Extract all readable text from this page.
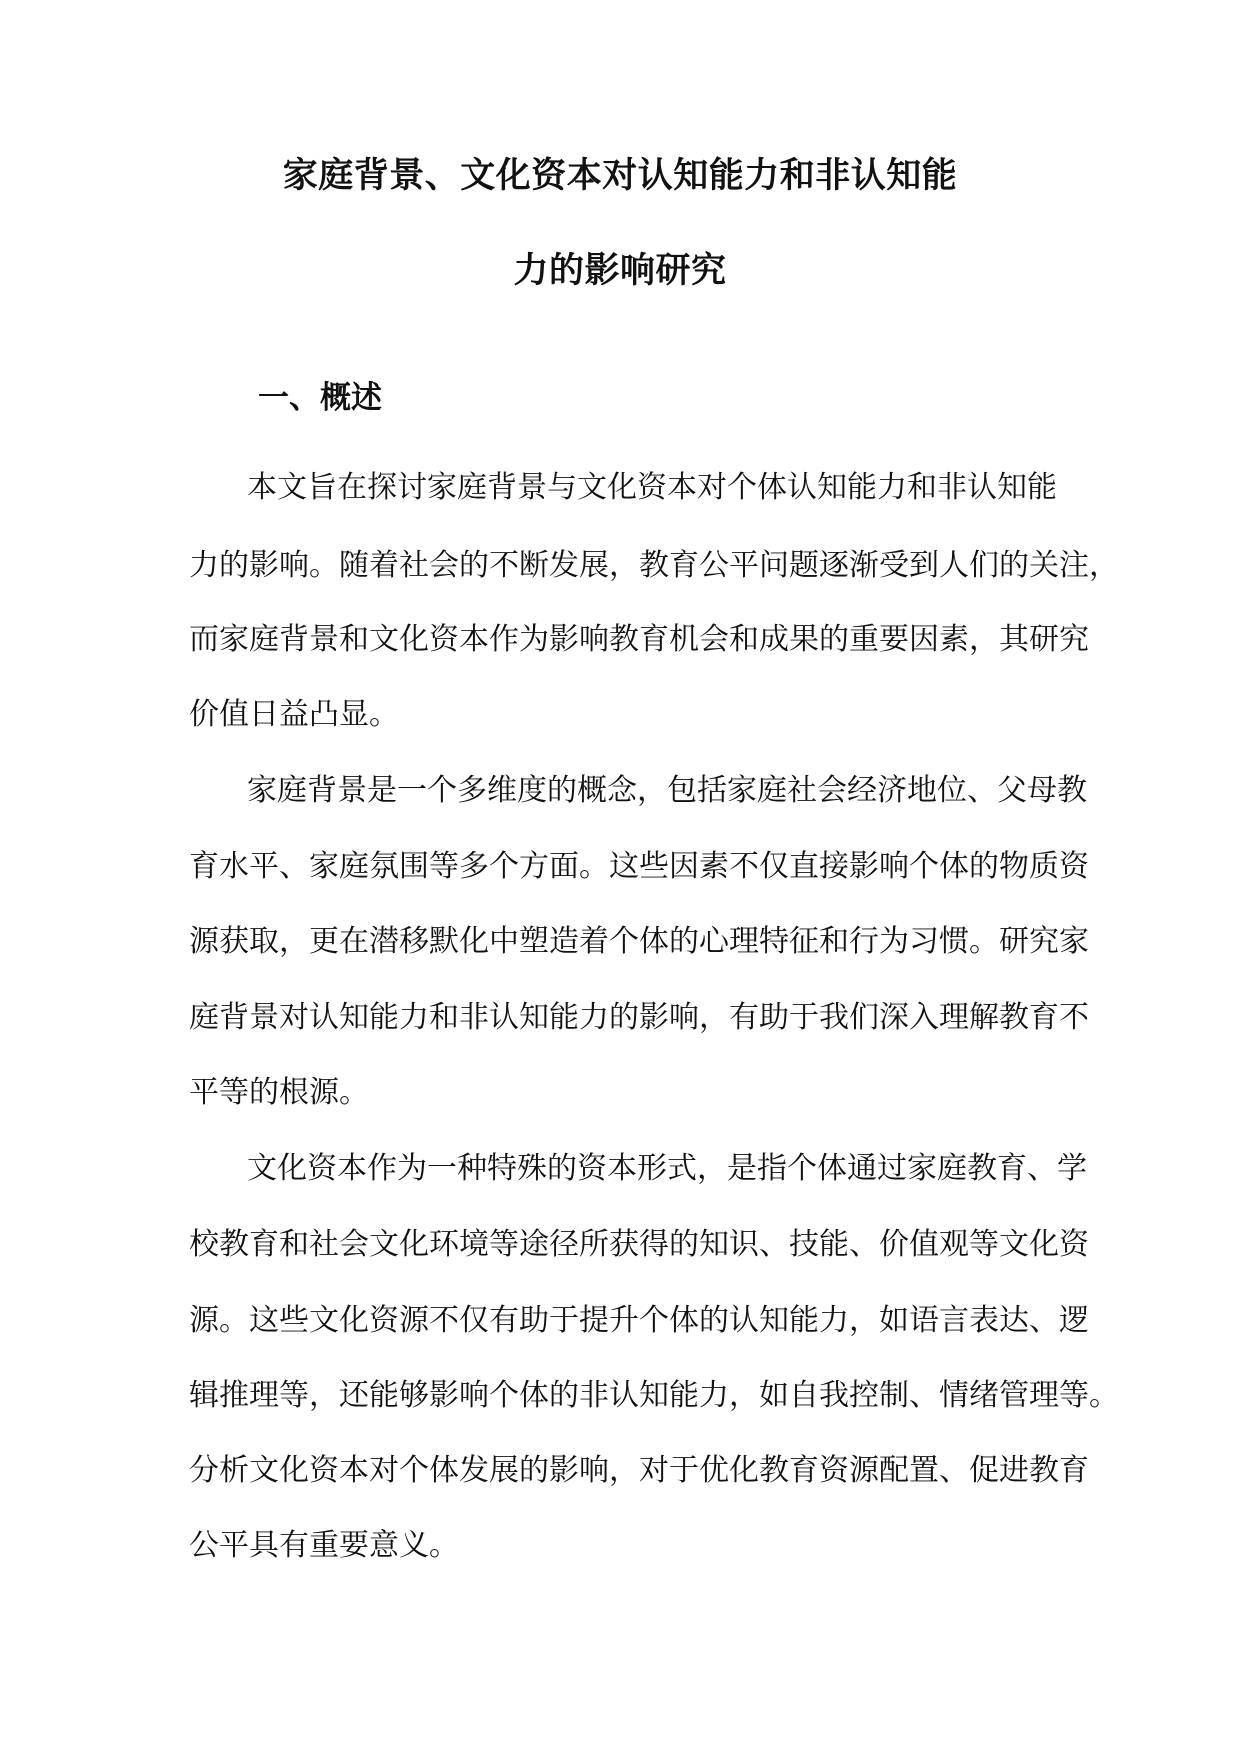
家庭背景、文化资本对认知能力和非认知能
力的影响研究
一、概述
本文旨在探讨家庭背景与文化资本对个体认知能力和非认知能
力的影响。随着社会的不断发展，教育公平问题逐渐受到人们的关注，
而家庭背景和文化资本作为影响教育机会和成果的重要因素，其研究
价值日益凸显。
家庭背景是一个多维度的概念，包括家庭社会经济地位、父母教
育水平、家庭氛围等多个方面。这些因素不仅直接影响个体的物质资
源获取，更在潜移默化中塑造着个体的心理特征和行为习惯。研究家
庭背景对认知能力和非认知能力的影响，有助于我们深入理解教育不
平等的根源。
文化资本作为一种特殊的资本形式，是指个体通过家庭教育、学
校教育和社会文化环境等途径所获得的知识、技能、价值观等文化资
源。这些文化资源不仅有助于提升个体的认知能力，如语言表达、逻
辑推理等，还能够影响个体的非认知能力，如自我控制、情绪管理等。
分析文化资本对个体发展的影响，对于优化教育资源配置、促进教育
公平具有重要意义。
